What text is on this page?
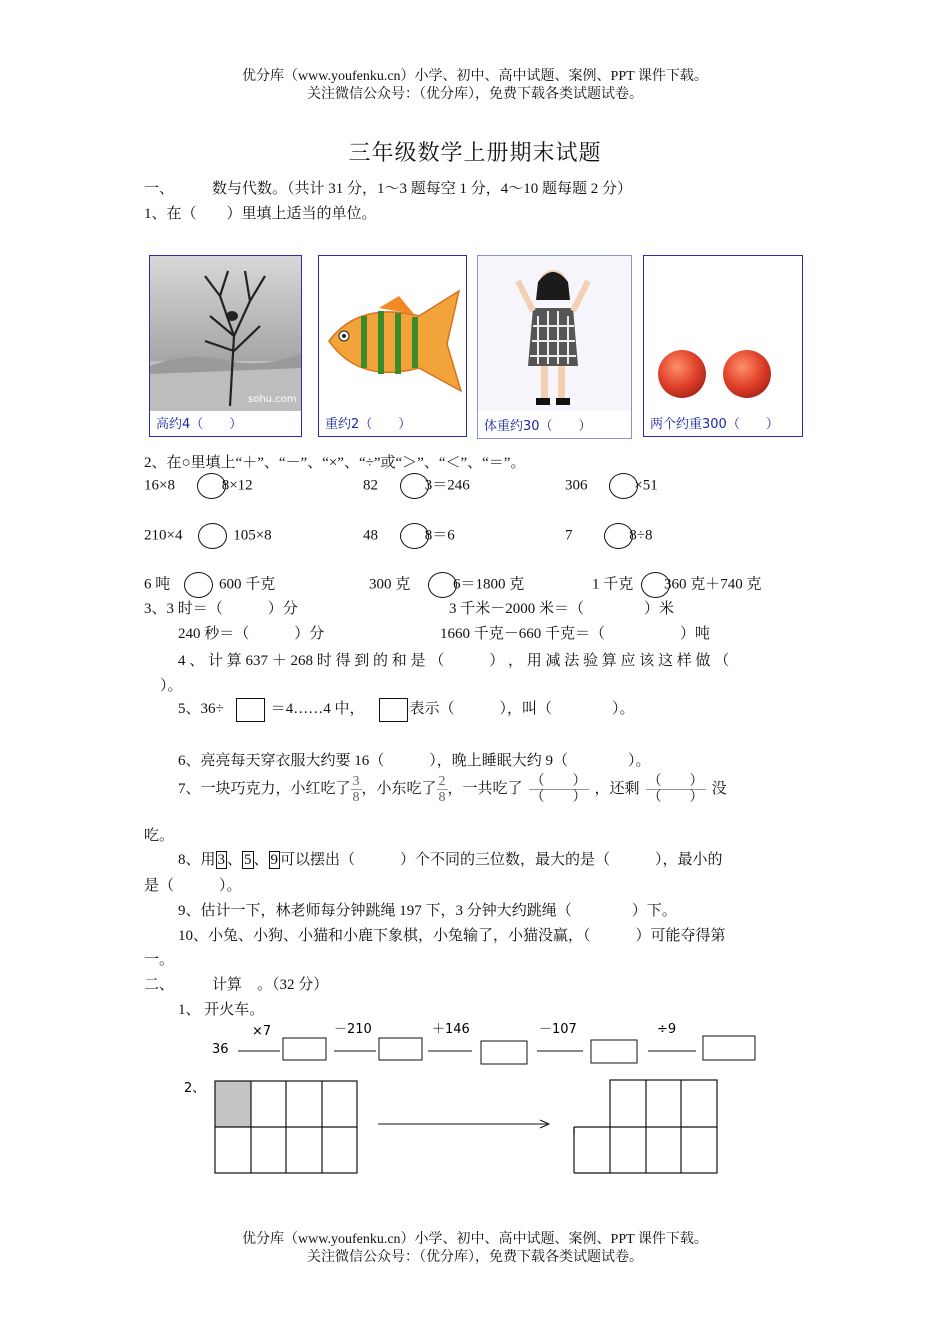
优分库（www.youfenku.cn）小学、初中、高中试题、案例、PPT 课件下载。
关注微信公众号：（优分库），免费下载各类试题试卷。
三年级数学上册期末试题
一、	数与代数。（共计 31 分，1～3 题每空 1 分，4～10 题每题 2 分）
1、在（　　）里填上适当的单位。
sohu.com
高约4（　　）	重约2（　　）	体重约30（　　）	两个约重300（　　）
2、在○里填上“＋”、“－”、“×”、“÷”或“＞”、“＜”、“＝”。
16×8	8×12	82	3＝246	306	×51
210×4	105×8	48	8＝6	7	8÷8
6 吨	600 千克	300 克	6＝1800 克	1 千克 360 克＋740 克
3、3 时＝（　　　）分	3 千米－2000 米＝（　　　　）米
240 秒＝（　　　）分	1660 千克－660 千克＝（　　　　　）吨
4 、 计 算 637 ＋ 268 时 得 到 的 和 是 （　　　） ， 用 减 法 验 算 应 该 这 样 做 （
）。
5、36÷	＝4……4 中，	表示（　　　），叫（　　　　）。
6、亮亮每天穿衣服大约要 16（　　　），晚上睡眠大约 9（　　　　）。
7、一块巧克力，小红吃了 $\frac{3}{8}$ ，小东吃了 $\frac{2}{8}$ ，一共吃了 $\frac{( )}{( )}$ ，还剩 $\frac{( )}{( )}$ 没
吃。
8、用 3 、 5 、 9 可以摆出（　　　）个不同的三位数，最大的是（　　　），最小的
是（　　　）。
9、估计一下，林老师每分钟跳绳 197 下，3 分钟大约跳绳（　　　　）下。
10、小兔、小狗、小猫和小鹿下象棋，小兔输了，小猫没赢，（　　　）可能夺得第
一。
二、	计算　。（32 分）
1、 开火车。
36
×7	－210	＋146	－107	÷9
2、
优分库（www.youfenku.cn）小学、初中、高中试题、案例、PPT 课件下载。
关注微信公众号：（优分库），免费下载各类试题试卷。
